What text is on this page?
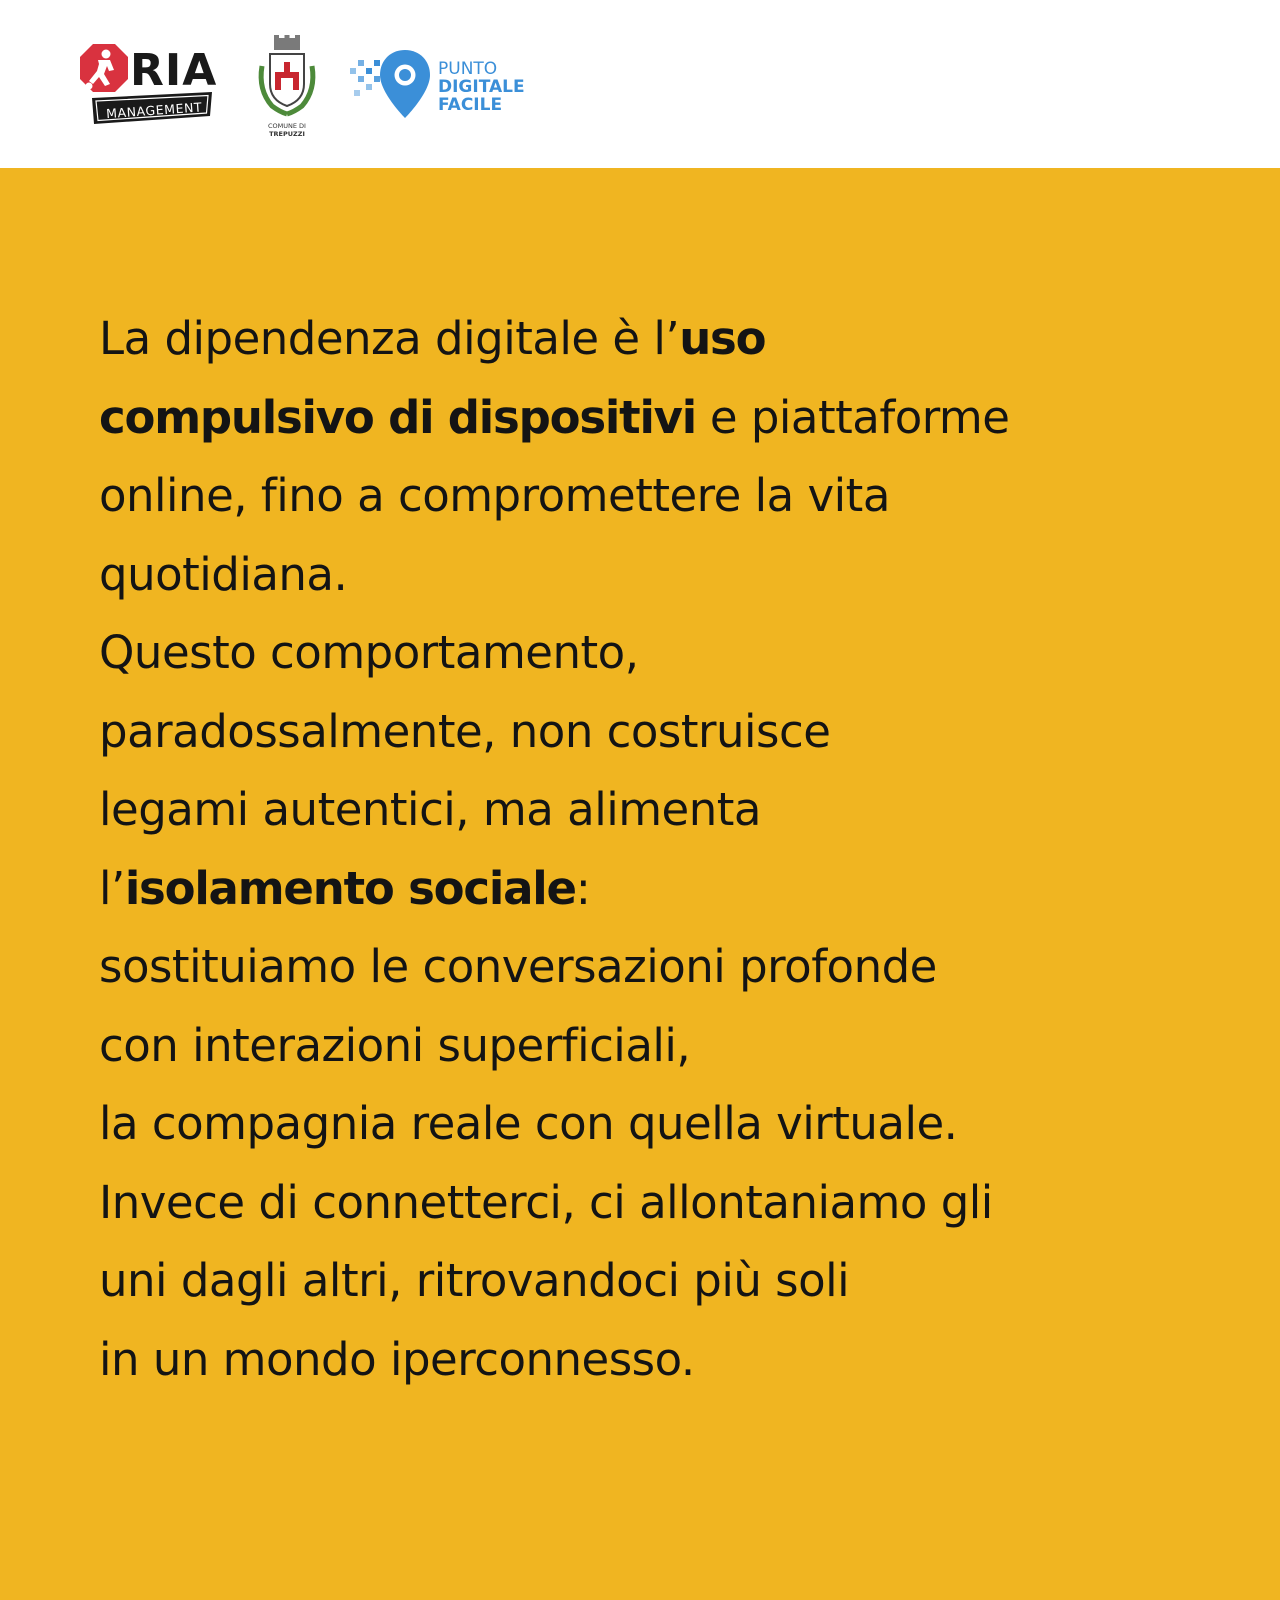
RIA
MANAGEMENT
COMUNE DI
TREPUZZI
PUNTO
DIGITALE
FACILE

La dipendenza digitale è l’uso
compulsivo di dispositivi e piattaforme
online, fino a compromettere la vita
quotidiana.
Questo comportamento,
paradossalmente, non costruisce
legami autentici, ma alimenta
l’isolamento sociale:
sostituiamo le conversazioni profonde
con interazioni superficiali,
la compagnia reale con quella virtuale.
Invece di connetterci, ci allontaniamo gli
uni dagli altri, ritrovandoci più soli
in un mondo iperconnesso.
